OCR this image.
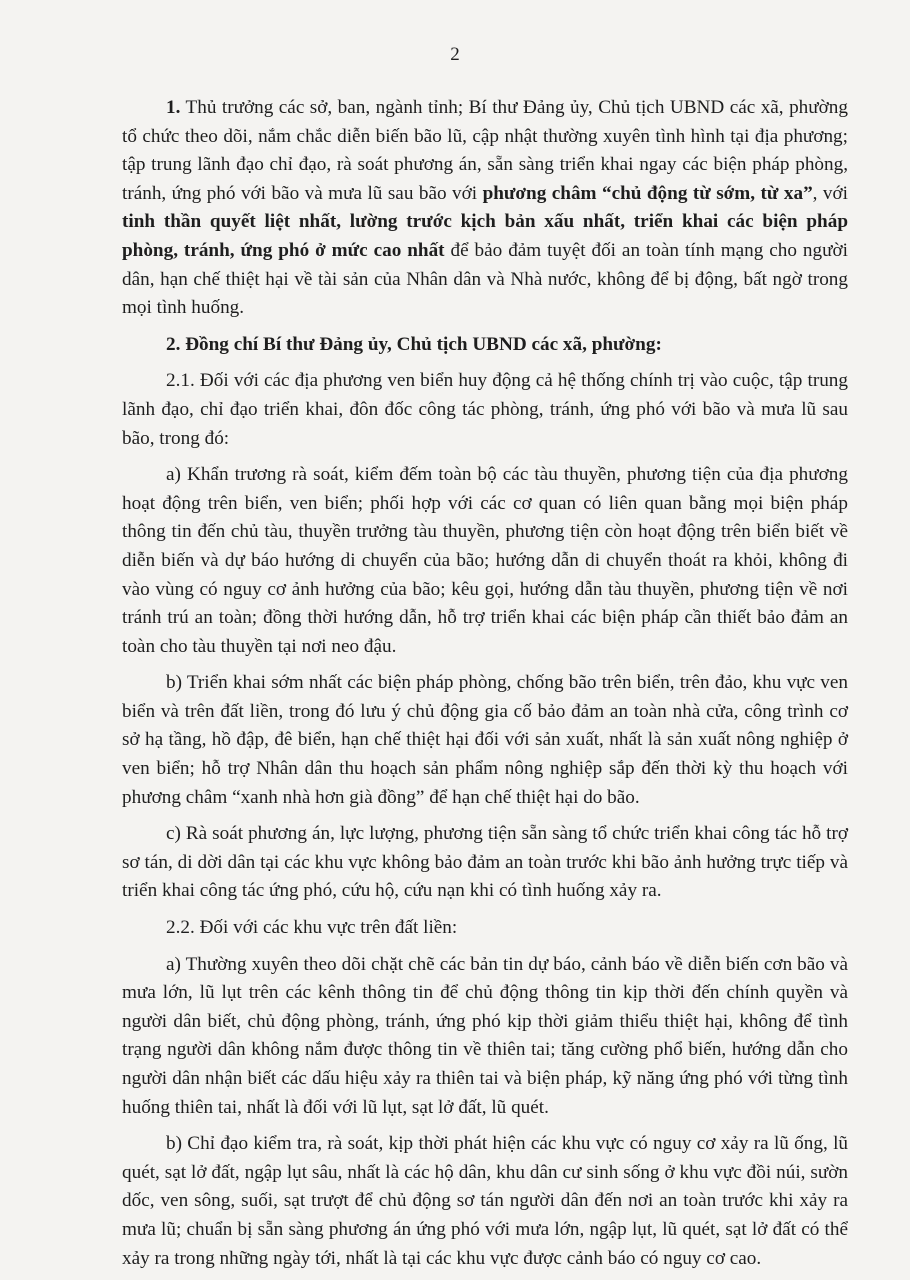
2

1. Thủ trưởng các sở, ban, ngành tỉnh; Bí thư Đảng ủy, Chủ tịch UBND các xã, phường tổ chức theo dõi, nắm chắc diễn biến bão lũ, cập nhật thường xuyên tình hình tại địa phương; tập trung lãnh đạo chỉ đạo, rà soát phương án, sẵn sàng triển khai ngay các biện pháp phòng, tránh, ứng phó với bão và mưa lũ sau bão với phương châm “chủ động từ sớm, từ xa”, với tinh thần quyết liệt nhất, lường trước kịch bản xấu nhất, triển khai các biện pháp phòng, tránh, ứng phó ở mức cao nhất để bảo đảm tuyệt đối an toàn tính mạng cho người dân, hạn chế thiệt hại về tài sản của Nhân dân và Nhà nước, không để bị động, bất ngờ trong mọi tình huống.

2. Đồng chí Bí thư Đảng ủy, Chủ tịch UBND các xã, phường:

2.1. Đối với các địa phương ven biển huy động cả hệ thống chính trị vào cuộc, tập trung lãnh đạo, chỉ đạo triển khai, đôn đốc công tác phòng, tránh, ứng phó với bão và mưa lũ sau bão, trong đó:

a) Khẩn trương rà soát, kiểm đếm toàn bộ các tàu thuyền, phương tiện của địa phương hoạt động trên biển, ven biển; phối hợp với các cơ quan có liên quan bằng mọi biện pháp thông tin đến chủ tàu, thuyền trưởng tàu thuyền, phương tiện còn hoạt động trên biển biết về diễn biến và dự báo hướng di chuyển của bão; hướng dẫn di chuyển thoát ra khỏi, không đi vào vùng có nguy cơ ảnh hưởng của bão; kêu gọi, hướng dẫn tàu thuyền, phương tiện về nơi tránh trú an toàn; đồng thời hướng dẫn, hỗ trợ triển khai các biện pháp cần thiết bảo đảm an toàn cho tàu thuyền tại nơi neo đậu.

b) Triển khai sớm nhất các biện pháp phòng, chống bão trên biển, trên đảo, khu vực ven biển và trên đất liền, trong đó lưu ý chủ động gia cố bảo đảm an toàn nhà cửa, công trình cơ sở hạ tầng, hồ đập, đê biển, hạn chế thiệt hại đối với sản xuất, nhất là sản xuất nông nghiệp ở ven biển; hỗ trợ Nhân dân thu hoạch sản phẩm nông nghiệp sắp đến thời kỳ thu hoạch với phương châm “xanh nhà hơn già đồng” để hạn chế thiệt hại do bão.

c) Rà soát phương án, lực lượng, phương tiện sẵn sàng tổ chức triển khai công tác hỗ trợ sơ tán, di dời dân tại các khu vực không bảo đảm an toàn trước khi bão ảnh hưởng trực tiếp và triển khai công tác ứng phó, cứu hộ, cứu nạn khi có tình huống xảy ra.

2.2. Đối với các khu vực trên đất liền:

a) Thường xuyên theo dõi chặt chẽ các bản tin dự báo, cảnh báo về diễn biến cơn bão và mưa lớn, lũ lụt trên các kênh thông tin để chủ động thông tin kịp thời đến chính quyền và người dân biết, chủ động phòng, tránh, ứng phó kịp thời giảm thiểu thiệt hại, không để tình trạng người dân không nắm được thông tin về thiên tai; tăng cường phổ biến, hướng dẫn cho người dân nhận biết các dấu hiệu xảy ra thiên tai và biện pháp, kỹ năng ứng phó với từng tình huống thiên tai, nhất là đối với lũ lụt, sạt lở đất, lũ quét.

b) Chỉ đạo kiểm tra, rà soát, kịp thời phát hiện các khu vực có nguy cơ xảy ra lũ ống, lũ quét, sạt lở đất, ngập lụt sâu, nhất là các hộ dân, khu dân cư sinh sống ở khu vực đồi núi, sườn dốc, ven sông, suối, sạt trượt để chủ động sơ tán người dân đến nơi an toàn trước khi xảy ra mưa lũ; chuẩn bị sẵn sàng phương án ứng phó với mưa lớn, ngập lụt, lũ quét, sạt lở đất có thể xảy ra trong những ngày tới, nhất là tại các khu vực được cảnh báo có nguy cơ cao.
